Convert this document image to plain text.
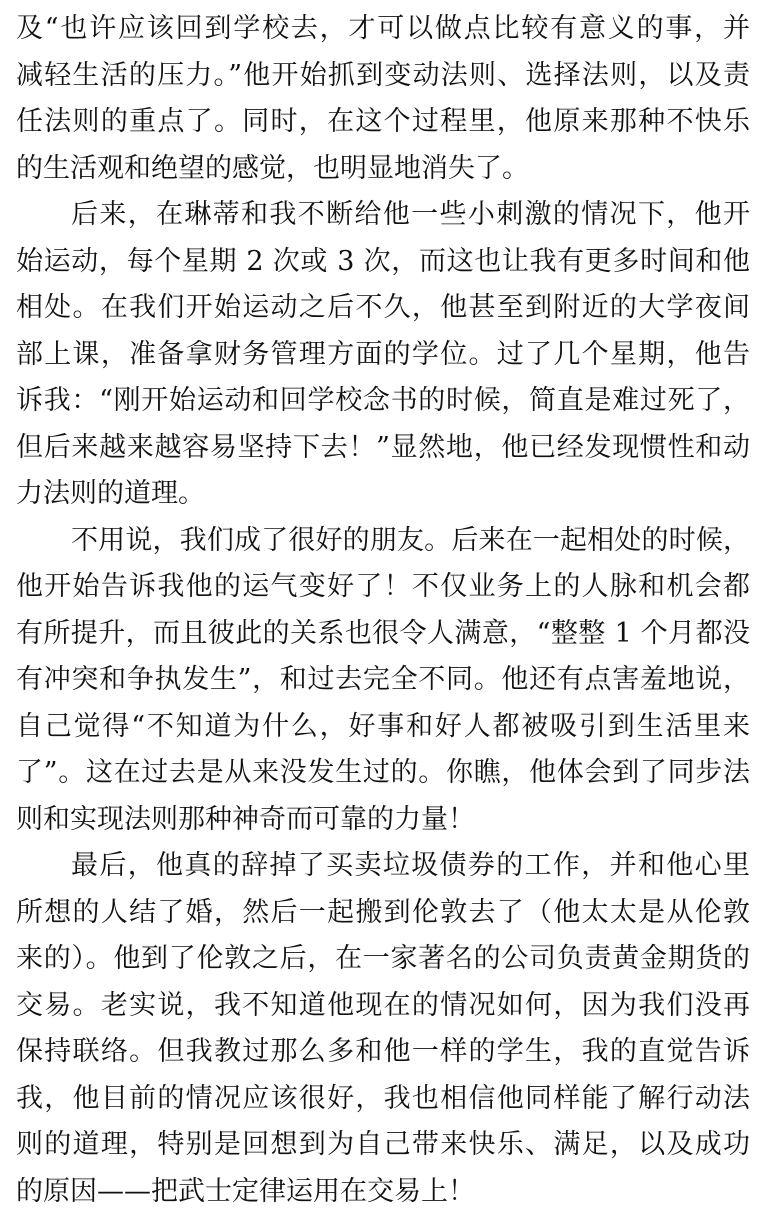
及“也许应该回到学校去，才可以做点比较有意义的事，并
减轻生活的压力。”他开始抓到变动法则、选择法则，以及责
任法则的重点了。同时，在这个过程里，他原来那种不快乐
的生活观和绝望的感觉，也明显地消失了。
后来，在琳蒂和我不断给他一些小刺激的情况下，他开
始运动，每个星期 2 次或 3 次，而这也让我有更多时间和他
相处。在我们开始运动之后不久，他甚至到附近的大学夜间
部上课，准备拿财务管理方面的学位。过了几个星期，他告
诉我：“刚开始运动和回学校念书的时候，简直是难过死了，
但后来越来越容易坚持下去！”显然地，他已经发现惯性和动
力法则的道理。
不用说，我们成了很好的朋友。后来在一起相处的时候，
他开始告诉我他的运气变好了！不仅业务上的人脉和机会都
有所提升，而且彼此的关系也很令人满意，“整整 1 个月都没
有冲突和争执发生”，和过去完全不同。他还有点害羞地说，
自己觉得“不知道为什么，好事和好人都被吸引到生活里来
了”。这在过去是从来没发生过的。你瞧，他体会到了同步法
则和实现法则那种神奇而可靠的力量！
最后，他真的辞掉了买卖垃圾债券的工作，并和他心里
所想的人结了婚，然后一起搬到伦敦去了（他太太是从伦敦
来的）。他到了伦敦之后，在一家著名的公司负责黄金期货的
交易。老实说，我不知道他现在的情况如何，因为我们没再
保持联络。但我教过那么多和他一样的学生，我的直觉告诉
我，他目前的情况应该很好，我也相信他同样能了解行动法
则的道理，特别是回想到为自己带来快乐、满足，以及成功
的原因——把武士定律运用在交易上！
